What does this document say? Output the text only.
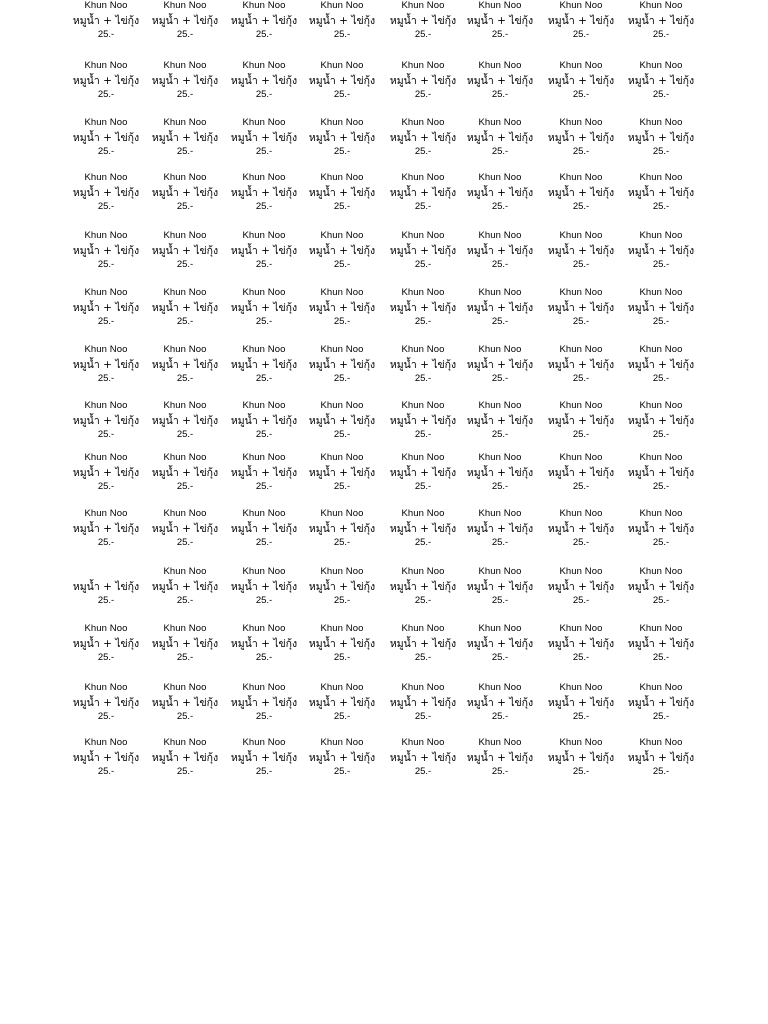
Khun Noo
หมูนํ้า + ไข่กุ้ง
25.-
Khun Noo
หมูนํ้า + ไข่กุ้ง
25.-
Khun Noo
หมูนํ้า + ไข่กุ้ง
25.-
Khun Noo
หมูนํ้า + ไข่กุ้ง
25.-
Khun Noo
หมูนํ้า + ไข่กุ้ง
25.-
Khun Noo
หมูนํ้า + ไข่กุ้ง
25.-
Khun Noo
หมูนํ้า + ไข่กุ้ง
25.-
Khun Noo
หมูนํ้า + ไข่กุ้ง
25.-
Khun Noo
หมูนํ้า + ไข่กุ้ง
25.-
Khun Noo
หมูนํ้า + ไข่กุ้ง
25.-
Khun Noo
หมูนํ้า + ไข่กุ้ง
25.-
Khun Noo
หมูนํ้า + ไข่กุ้ง
25.-
Khun Noo
หมูนํ้า + ไข่กุ้ง
25.-
Khun Noo
หมูนํ้า + ไข่กุ้ง
25.-
Khun Noo
หมูนํ้า + ไข่กุ้ง
25.-
Khun Noo
หมูนํ้า + ไข่กุ้ง
25.-
Khun Noo
หมูนํ้า + ไข่กุ้ง
25.-
Khun Noo
หมูนํ้า + ไข่กุ้ง
25.-
Khun Noo
หมูนํ้า + ไข่กุ้ง
25.-
Khun Noo
หมูนํ้า + ไข่กุ้ง
25.-
Khun Noo
หมูนํ้า + ไข่กุ้ง
25.-
Khun Noo
หมูนํ้า + ไข่กุ้ง
25.-
Khun Noo
หมูนํ้า + ไข่กุ้ง
25.-
Khun Noo
หมูนํ้า + ไข่กุ้ง
25.-
Khun Noo
หมูนํ้า + ไข่กุ้ง
25.-
Khun Noo
หมูนํ้า + ไข่กุ้ง
25.-
Khun Noo
หมูนํ้า + ไข่กุ้ง
25.-
Khun Noo
หมูนํ้า + ไข่กุ้ง
25.-
Khun Noo
หมูนํ้า + ไข่กุ้ง
25.-
Khun Noo
หมูนํ้า + ไข่กุ้ง
25.-
Khun Noo
หมูนํ้า + ไข่กุ้ง
25.-
Khun Noo
หมูนํ้า + ไข่กุ้ง
25.-
Khun Noo
หมูนํ้า + ไข่กุ้ง
25.-
Khun Noo
หมูนํ้า + ไข่กุ้ง
25.-
Khun Noo
หมูนํ้า + ไข่กุ้ง
25.-
Khun Noo
หมูนํ้า + ไข่กุ้ง
25.-
Khun Noo
หมูนํ้า + ไข่กุ้ง
25.-
Khun Noo
หมูนํ้า + ไข่กุ้ง
25.-
Khun Noo
หมูนํ้า + ไข่กุ้ง
25.-
Khun Noo
หมูนํ้า + ไข่กุ้ง
25.-
Khun Noo
หมูนํ้า + ไข่กุ้ง
25.-
Khun Noo
หมูนํ้า + ไข่กุ้ง
25.-
Khun Noo
หมูนํ้า + ไข่กุ้ง
25.-
Khun Noo
หมูนํ้า + ไข่กุ้ง
25.-
Khun Noo
หมูนํ้า + ไข่กุ้ง
25.-
Khun Noo
หมูนํ้า + ไข่กุ้ง
25.-
Khun Noo
หมูนํ้า + ไข่กุ้ง
25.-
Khun Noo
หมูนํ้า + ไข่กุ้ง
25.-
Khun Noo
หมูนํ้า + ไข่กุ้ง
25.-
Khun Noo
หมูนํ้า + ไข่กุ้ง
25.-
Khun Noo
หมูนํ้า + ไข่กุ้ง
25.-
Khun Noo
หมูนํ้า + ไข่กุ้ง
25.-
Khun Noo
หมูนํ้า + ไข่กุ้ง
25.-
Khun Noo
หมูนํ้า + ไข่กุ้ง
25.-
Khun Noo
หมูนํ้า + ไข่กุ้ง
25.-
Khun Noo
หมูนํ้า + ไข่กุ้ง
25.-
Khun Noo
หมูนํ้า + ไข่กุ้ง
25.-
Khun Noo
หมูนํ้า + ไข่กุ้ง
25.-
Khun Noo
หมูนํ้า + ไข่กุ้ง
25.-
Khun Noo
หมูนํ้า + ไข่กุ้ง
25.-
Khun Noo
หมูนํ้า + ไข่กุ้ง
25.-
Khun Noo
หมูนํ้า + ไข่กุ้ง
25.-
Khun Noo
หมูนํ้า + ไข่กุ้ง
25.-
Khun Noo
หมูนํ้า + ไข่กุ้ง
25.-
Khun Noo
หมูนํ้า + ไข่กุ้ง
25.-
Khun Noo
หมูนํ้า + ไข่กุ้ง
25.-
Khun Noo
หมูนํ้า + ไข่กุ้ง
25.-
Khun Noo
หมูนํ้า + ไข่กุ้ง
25.-
Khun Noo
หมูนํ้า + ไข่กุ้ง
25.-
Khun Noo
หมูนํ้า + ไข่กุ้ง
25.-
Khun Noo
หมูนํ้า + ไข่กุ้ง
25.-
Khun Noo
หมูนํ้า + ไข่กุ้ง
25.-
Khun Noo
หมูนํ้า + ไข่กุ้ง
25.-
Khun Noo
หมูนํ้า + ไข่กุ้ง
25.-
Khun Noo
หมูนํ้า + ไข่กุ้ง
25.-
Khun Noo
หมูนํ้า + ไข่กุ้ง
25.-
Khun Noo
หมูนํ้า + ไข่กุ้ง
25.-
Khun Noo
หมูนํ้า + ไข่กุ้ง
25.-
Khun Noo
หมูนํ้า + ไข่กุ้ง
25.-
Khun Noo
หมูนํ้า + ไข่กุ้ง
25.-
หมูนํ้า + ไข่กุ้ง
25.-
Khun Noo
หมูนํ้า + ไข่กุ้ง
25.-
Khun Noo
หมูนํ้า + ไข่กุ้ง
25.-
Khun Noo
หมูนํ้า + ไข่กุ้ง
25.-
Khun Noo
หมูนํ้า + ไข่กุ้ง
25.-
Khun Noo
หมูนํ้า + ไข่กุ้ง
25.-
Khun Noo
หมูนํ้า + ไข่กุ้ง
25.-
Khun Noo
หมูนํ้า + ไข่กุ้ง
25.-
Khun Noo
หมูนํ้า + ไข่กุ้ง
25.-
Khun Noo
หมูนํ้า + ไข่กุ้ง
25.-
Khun Noo
หมูนํ้า + ไข่กุ้ง
25.-
Khun Noo
หมูนํ้า + ไข่กุ้ง
25.-
Khun Noo
หมูนํ้า + ไข่กุ้ง
25.-
Khun Noo
หมูนํ้า + ไข่กุ้ง
25.-
Khun Noo
หมูนํ้า + ไข่กุ้ง
25.-
Khun Noo
หมูนํ้า + ไข่กุ้ง
25.-
Khun Noo
หมูนํ้า + ไข่กุ้ง
25.-
Khun Noo
หมูนํ้า + ไข่กุ้ง
25.-
Khun Noo
หมูนํ้า + ไข่กุ้ง
25.-
Khun Noo
หมูนํ้า + ไข่กุ้ง
25.-
Khun Noo
หมูนํ้า + ไข่กุ้ง
25.-
Khun Noo
หมูนํ้า + ไข่กุ้ง
25.-
Khun Noo
หมูนํ้า + ไข่กุ้ง
25.-
Khun Noo
หมูนํ้า + ไข่กุ้ง
25.-
Khun Noo
หมูนํ้า + ไข่กุ้ง
25.-
Khun Noo
หมูนํ้า + ไข่กุ้ง
25.-
Khun Noo
หมูนํ้า + ไข่กุ้ง
25.-
Khun Noo
หมูนํ้า + ไข่กุ้ง
25.-
Khun Noo
หมูนํ้า + ไข่กุ้ง
25.-
Khun Noo
หมูนํ้า + ไข่กุ้ง
25.-
Khun Noo
หมูนํ้า + ไข่กุ้ง
25.-
Khun Noo
หมูนํ้า + ไข่กุ้ง
25.-
